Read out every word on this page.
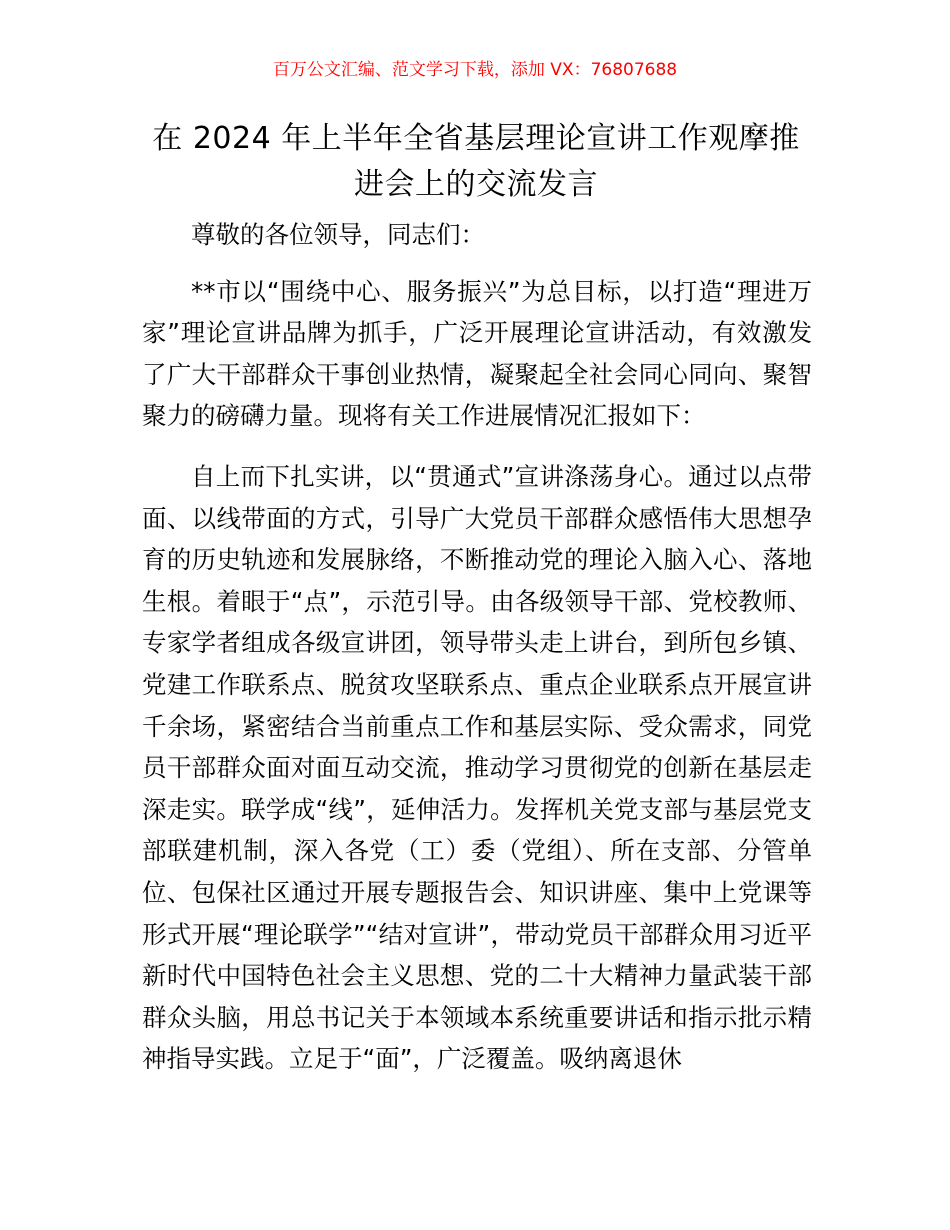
百万公文汇编、范文学习下载，添加 VX：76807688
在 2024 年上半年全省基层理论宣讲工作观摩推进会上的交流发言

尊敬的各位领导，同志们：

**市以“围绕中心、服务振兴”为总目标，以打造“理进万家”理论宣讲品牌为抓手，广泛开展理论宣讲活动，有效激发了广大干部群众干事创业热情，凝聚起全社会同心同向、聚智聚力的磅礴力量。现将有关工作进展情况汇报如下：

自上而下扎实讲，以“贯通式”宣讲涤荡身心。通过以点带面、以线带面的方式，引导广大党员干部群众感悟伟大思想孕育的历史轨迹和发展脉络，不断推动党的理论入脑入心、落地生根。着眼于“点”，示范引导。由各级领导干部、党校教师、专家学者组成各级宣讲团，领导带头走上讲台，到所包乡镇、党建工作联系点、脱贫攻坚联系点、重点企业联系点开展宣讲千余场，紧密结合当前重点工作和基层实际、受众需求，同党员干部群众面对面互动交流，推动学习贯彻党的创新在基层走深走实。联学成“线”，延伸活力。发挥机关党支部与基层党支部联建机制，深入各党（工）委（党组）、所在支部、分管单位、包保社区通过开展专题报告会、知识讲座、集中上党课等形式开展“理论联学”“结对宣讲”，带动党员干部群众用习近平新时代中国特色社会主义思想、党的二十大精神力量武装干部群众头脑，用总书记关于本领域本系统重要讲话和指示批示精神指导实践。立足于“面”，广泛覆盖。吸纳离退休
